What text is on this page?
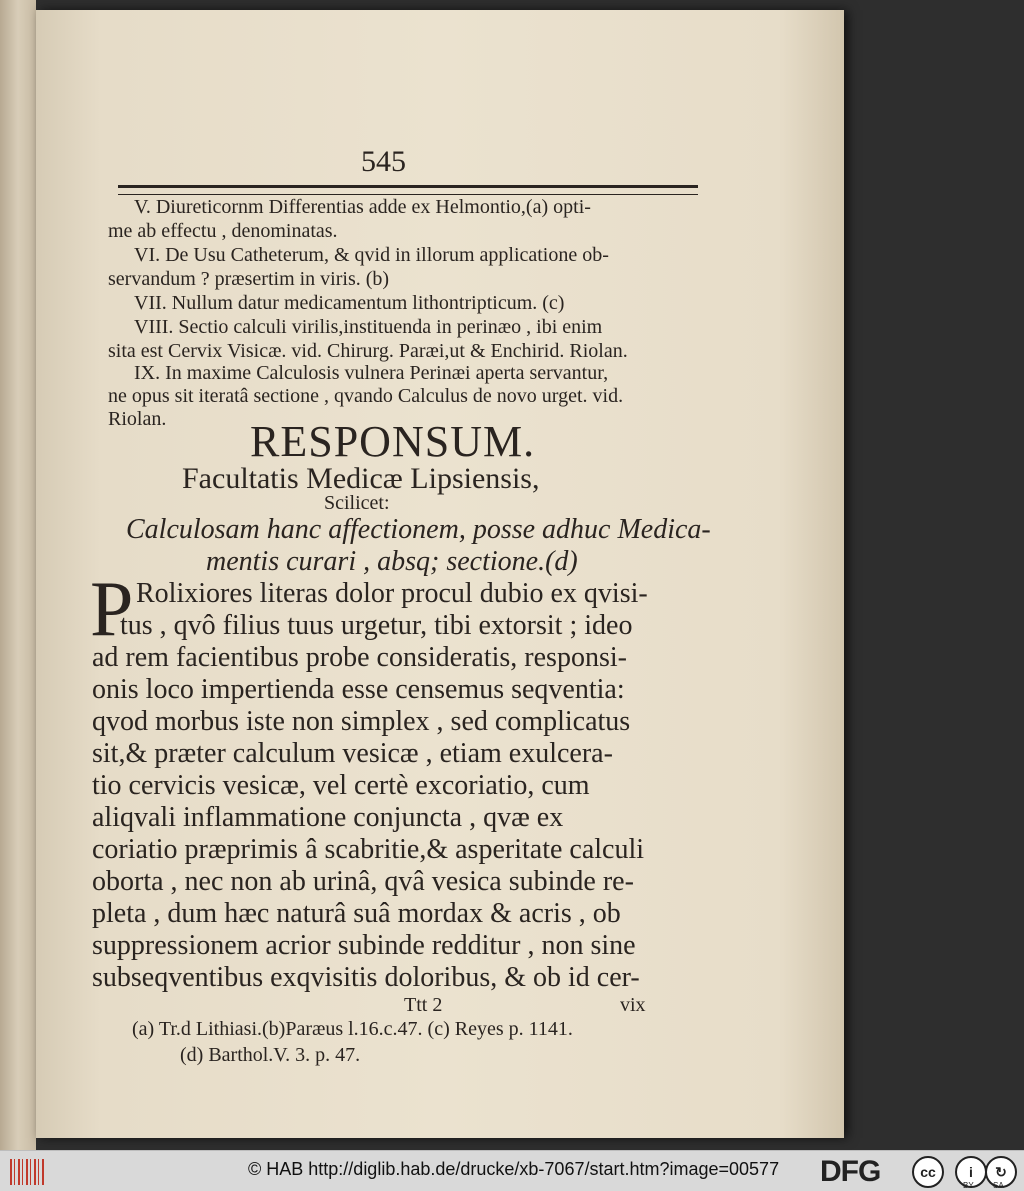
545
V. Diureticornm Differentias adde ex Helmontio,(a) opti-
me ab effectu , denominatas.
VI. De Usu Catheterum, & qvid in illorum applicatione ob-
servandum ? præsertim in viris. (b)
VII. Nullum datur medicamentum lithontripticum. (c)
VIII. Sectio calculi virilis,instituenda in perinæo , ibi enim
sita est Cervix Visicæ. vid. Chirurg. Paræi,ut & Enchirid. Riolan.
IX. In maxime Calculosis vulnera Perinæi aperta servantur,
ne opus sit iteratâ sectione , qvando Calculus de novo urget. vid.
Riolan. RESPONSUM.
Facultatis Medicæ Lipsiensis,
Scilicet:
Calculosam hanc affectionem, posse adhuc Medica-
mentis curari , absq; sectione.(d)
P Rolixiores literas dolor procul dubio ex qvisi-
tus , qvô filius tuus urgetur, tibi extorsit ; ideo
ad rem facientibus probe consideratis, responsi-
onis loco impertienda esse censemus seqventia:
qvod morbus iste non simplex , sed complicatus
sit,& præter calculum vesicæ , etiam exulcera-
tio cervicis vesicæ, vel certè excoriatio, cum
aliqvali inflammatione conjuncta , qvæ ex
coriatio præprimis â scabritie,& asperitate calculi
oborta , nec non ab urinâ, qvâ vesica subinde re-
pleta , dum hæc naturâ suâ mordax & acris , ob
suppressionem acrior subinde redditur , non sine
subseqventibus exqvisitis doloribus, & ob id cer-
Ttt 2	vix
(a) Tr.d Lithiasi.(b)Paræus l.16.c.47. (c) Reyes p. 1141.
(d) Barthol.V. 3. p. 47.
© HAB http://diglib.hab.de/drucke/xb-7067/start.htm?image=00577 DFG	cc	i	↻
BY SA
